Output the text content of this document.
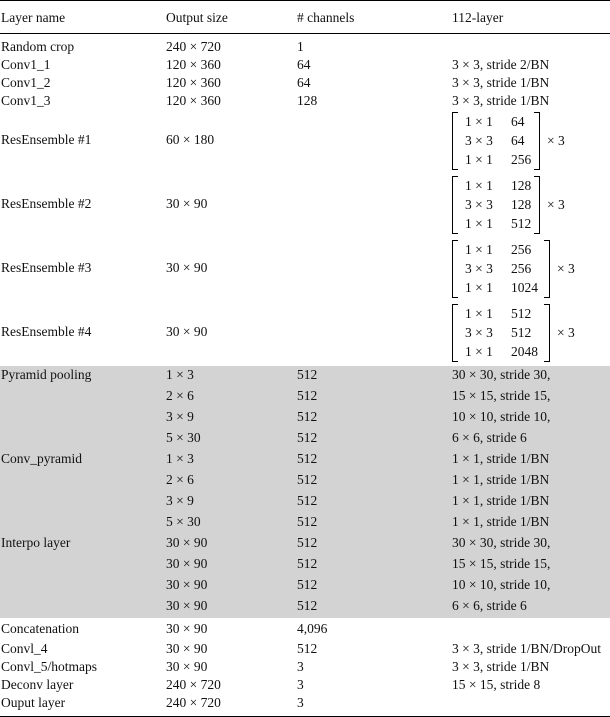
Layer name	Output size	# channels	112-layer
Random crop	240 × 720	1
Conv1_1	120 × 360	64	3 × 3, stride 2/BN
Conv1_2	120 × 360	64	3 × 3, stride 1/BN
Conv1_3	120 × 360	128	3 × 3, stride 1/BN
ResEnsemble #1	60 × 180
1 × 1 64
3 × 3 64
1 × 1 256
× 3
ResEnsemble #2	30 × 90
1 × 1 128
3 × 3 128
1 × 1 512
× 3
ResEnsemble #3	30 × 90
1 × 1 256
3 × 3 256
1 × 1 1024
× 3
ResEnsemble #4	30 × 90
1 × 1 512
3 × 3 512
1 × 1 2048
× 3
Pyramid pooling	1 × 3	512	30 × 30, stride 30,
2 × 6	512	15 × 15, stride 15,
3 × 9	512	10 × 10, stride 10,
5 × 30	512	6 × 6, stride 6
Conv_pyramid	1 × 3	512	1 × 1, stride 1/BN
2 × 6	512	1 × 1, stride 1/BN
3 × 9	512	1 × 1, stride 1/BN
5 × 30	512	1 × 1, stride 1/BN
Interpo layer	30 × 90	512	30 × 30, stride 30,
30 × 90	512	15 × 15, stride 15,
30 × 90	512	10 × 10, stride 10,
30 × 90	512	6 × 6, stride 6
Concatenation	30 × 90	4,096
Convl_4	30 × 90	512	3 × 3, stride 1/BN/DropOut
Convl_5/hotmaps	30 × 90	3	3 × 3, stride 1/BN
Deconv layer	240 × 720	3	15 × 15, stride 8
Ouput layer	240 × 720	3
